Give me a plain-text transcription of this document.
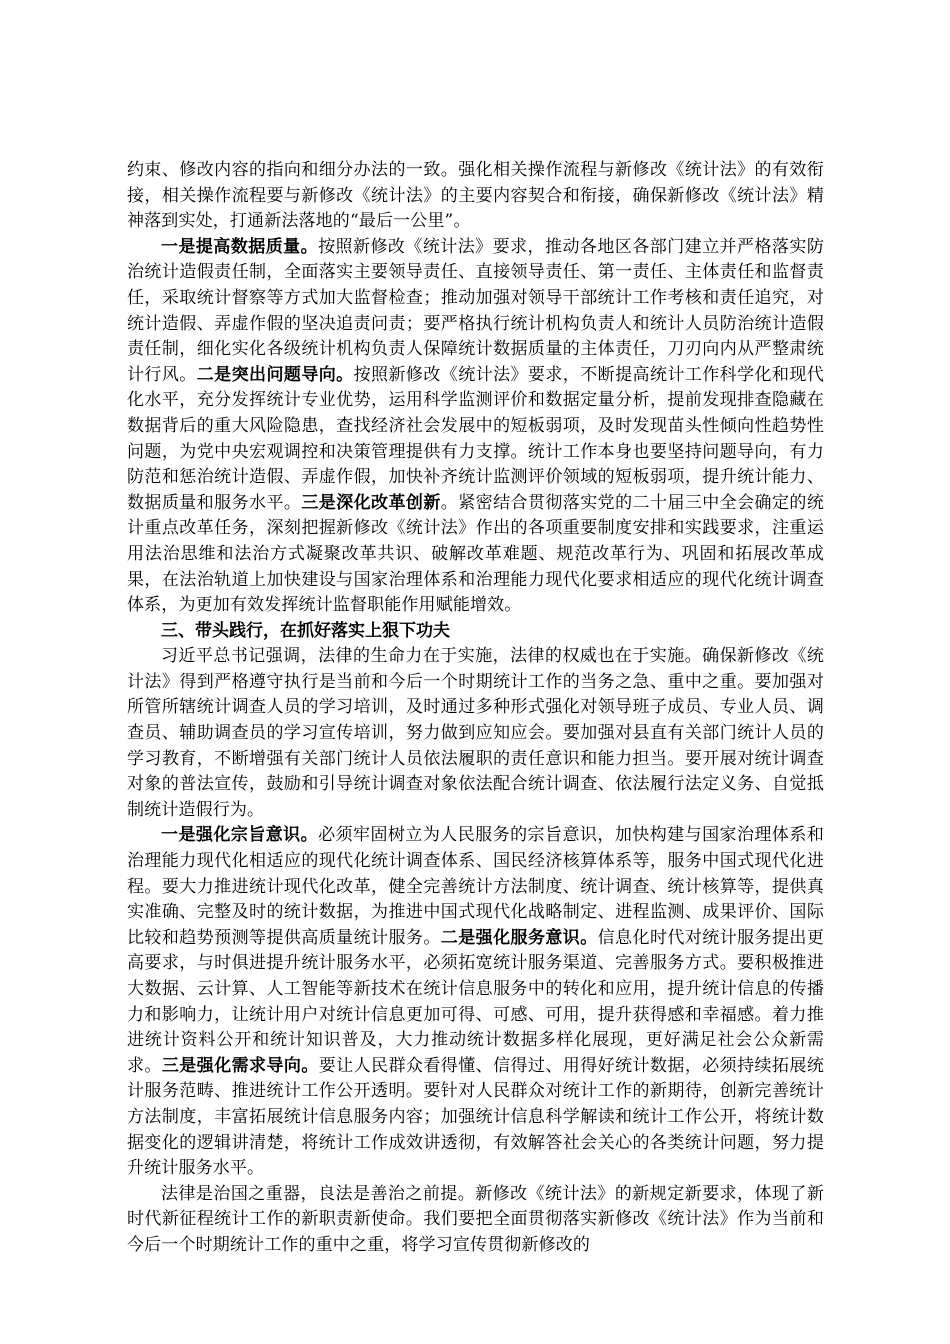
约束、修改内容的指向和细分办法的一致。强化相关操作流程与新修改《统计法》的有效衔接，相关操作流程要与新修改《统计法》的主要内容契合和衔接，确保新修改《统计法》精神落到实处，打通新法落地的“最后一公里”。

一是提高数据质量。按照新修改《统计法》要求，推动各地区各部门建立并严格落实防治统计造假责任制，全面落实主要领导责任、直接领导责任、第一责任、主体责任和监督责任，采取统计督察等方式加大监督检查；推动加强对领导干部统计工作考核和责任追究，对统计造假、弄虚作假的坚决追责问责；要严格执行统计机构负责人和统计人员防治统计造假责任制，细化实化各级统计机构负责人保障统计数据质量的主体责任，刀刃向内从严整肃统计行风。二是突出问题导向。按照新修改《统计法》要求，不断提高统计工作科学化和现代化水平，充分发挥统计专业优势，运用科学监测评价和数据定量分析，提前发现排查隐藏在数据背后的重大风险隐患，查找经济社会发展中的短板弱项，及时发现苗头性倾向性趋势性问题，为党中央宏观调控和决策管理提供有力支撑。统计工作本身也要坚持问题导向，有力防范和惩治统计造假、弄虚作假，加快补齐统计监测评价领域的短板弱项，提升统计能力、数据质量和服务水平。三是深化改革创新。紧密结合贯彻落实党的二十届三中全会确定的统计重点改革任务，深刻把握新修改《统计法》作出的各项重要制度安排和实践要求，注重运用法治思维和法治方式凝聚改革共识、破解改革难题、规范改革行为、巩固和拓展改革成果，在法治轨道上加快建设与国家治理体系和治理能力现代化要求相适应的现代化统计调查体系，为更加有效发挥统计监督职能作用赋能增效。

三、带头践行，在抓好落实上狠下功夫

习近平总书记强调，法律的生命力在于实施，法律的权威也在于实施。确保新修改《统计法》得到严格遵守执行是当前和今后一个时期统计工作的当务之急、重中之重。要加强对所管所辖统计调查人员的学习培训，及时通过多种形式强化对领导班子成员、专业人员、调查员、辅助调查员的学习宣传培训，努力做到应知应会。要加强对县直有关部门统计人员的学习教育，不断增强有关部门统计人员依法履职的责任意识和能力担当。要开展对统计调查对象的普法宣传，鼓励和引导统计调查对象依法配合统计调查、依法履行法定义务、自觉抵制统计造假行为。

一是强化宗旨意识。必须牢固树立为人民服务的宗旨意识，加快构建与国家治理体系和治理能力现代化相适应的现代化统计调查体系、国民经济核算体系等，服务中国式现代化进程。要大力推进统计现代化改革，健全完善统计方法制度、统计调查、统计核算等，提供真实准确、完整及时的统计数据，为推进中国式现代化战略制定、进程监测、成果评价、国际比较和趋势预测等提供高质量统计服务。二是强化服务意识。信息化时代对统计服务提出更高要求，与时俱进提升统计服务水平，必须拓宽统计服务渠道、完善服务方式。要积极推进大数据、云计算、人工智能等新技术在统计信息服务中的转化和应用，提升统计信息的传播力和影响力，让统计用户对统计信息更加可得、可感、可用，提升获得感和幸福感。着力推进统计资料公开和统计知识普及，大力推动统计数据多样化展现，更好满足社会公众新需求。三是强化需求导向。要让人民群众看得懂、信得过、用得好统计数据，必须持续拓展统计服务范畴、推进统计工作公开透明。要针对人民群众对统计工作的新期待，创新完善统计方法制度，丰富拓展统计信息服务内容；加强统计信息科学解读和统计工作公开，将统计数据变化的逻辑讲清楚，将统计工作成效讲透彻，有效解答社会关心的各类统计问题，努力提升统计服务水平。

法律是治国之重器，良法是善治之前提。新修改《统计法》的新规定新要求，体现了新时代新征程统计工作的新职责新使命。我们要把全面贯彻落实新修改《统计法》作为当前和今后一个时期统计工作的重中之重，将学习宣传贯彻新修改的
